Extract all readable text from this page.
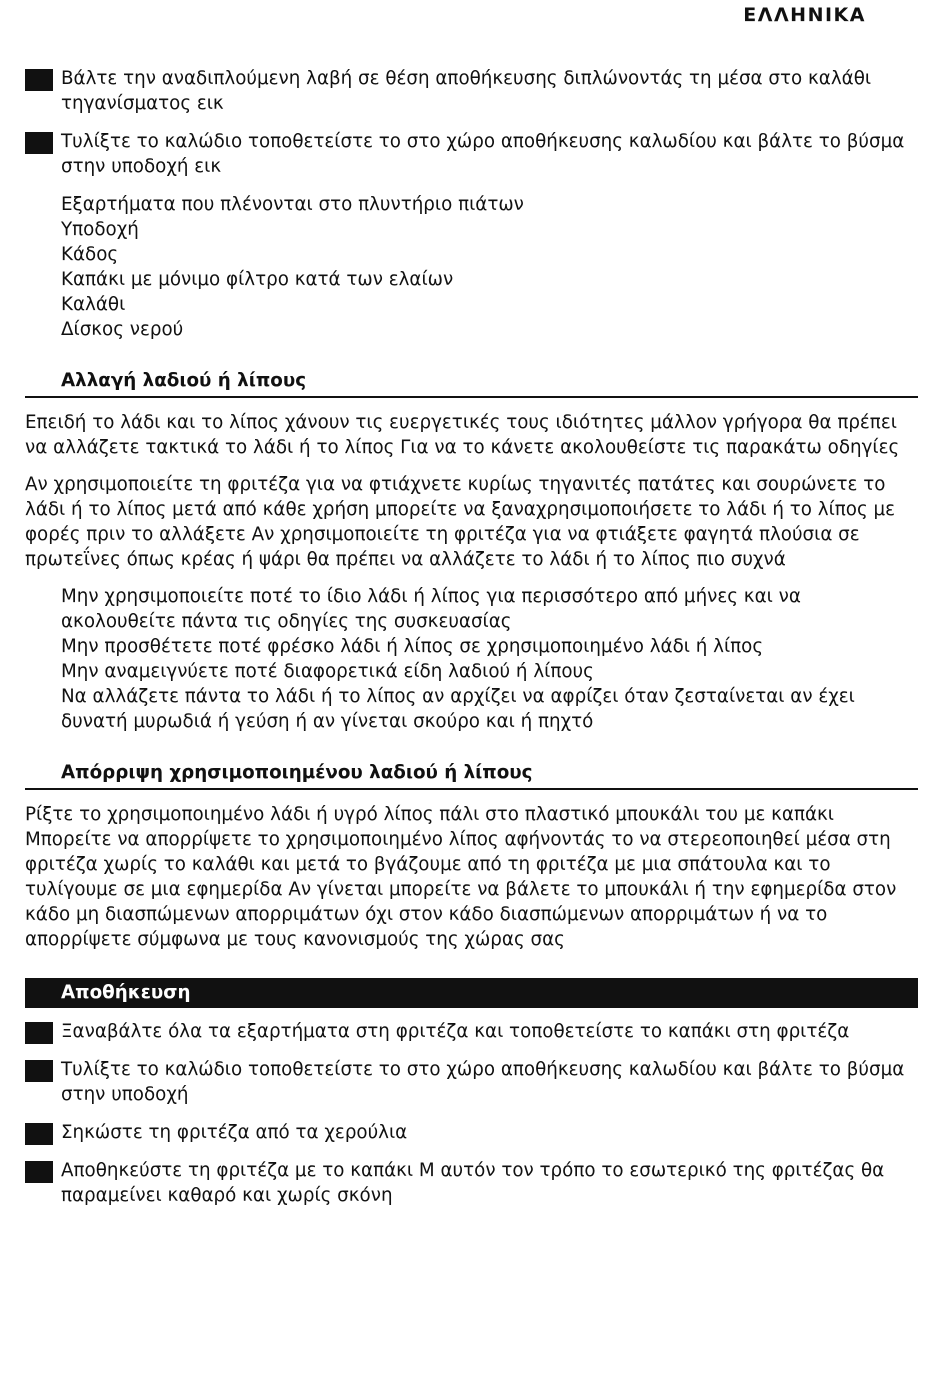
ΕΛΛΗΝΙΚΑ
Βάλτε την αναδιπλούμενη λαβή σε θέση αποθήκευσης διπλώνοντάς τη μέσα στο καλάθι τηγανίσματος εικ
Τυλίξτε το καλώδιο τοποθετείστε το στο χώρο αποθήκευσης καλωδίου και βάλτε το βύσμα στην υποδοχή εικ
Εξαρτήματα που πλένονται στο πλυντήριο πιάτων
Υποδοχή
Κάδος
Καπάκι με μόνιμο φίλτρο κατά των ελαίων
Καλάθι
Δίσκος νερού
Αλλαγή λαδιού ή λίπους

Επειδή το λάδι και το λίπος χάνουν τις ευεργετικές τους ιδιότητες μάλλον γρήγορα θα πρέπει να αλλάζετε τακτικά το λάδι ή το λίπος Για να το κάνετε ακολουθείστε τις παρακάτω οδηγίες

Αν χρησιμοποιείτε τη φριτέζα για να φτιάχνετε κυρίως τηγανιτές πατάτες και σουρώνετε το λάδι ή το λίπος μετά από κάθε χρήση μπορείτε να ξαναχρησιμοποιήσετε το λάδι ή το λίπος με φορές πριν το αλλάξετε Αν χρησιμοποιείτε τη φριτέζα για να φτιάξετε φαγητά πλούσια σε πρωτεΐνες όπως κρέας ή ψάρι θα πρέπει να αλλάζετε το λάδι ή το λίπος πιο συχνά

Μην χρησιμοποιείτε ποτέ το ίδιο λάδι ή λίπος για περισσότερο από μήνες και να ακολουθείτε πάντα τις οδηγίες της συσκευασίας
Μην προσθέτετε ποτέ φρέσκο λάδι ή λίπος σε χρησιμοποιημένο λάδι ή λίπος
Μην αναμειγνύετε ποτέ διαφορετικά είδη λαδιού ή λίπους
Να αλλάζετε πάντα το λάδι ή το λίπος αν αρχίζει να αφρίζει όταν ζεσταίνεται αν έχει δυνατή μυρωδιά ή γεύση ή αν γίνεται σκούρο και ή πηχτό
Απόρριψη χρησιμοποιημένου λαδιού ή λίπους

Ρίξτε το χρησιμοποιημένο λάδι ή υγρό λίπος πάλι στο πλαστικό μπουκάλι του με καπάκι Μπορείτε να απορρίψετε το χρησιμοποιημένο λίπος αφήνοντάς το να στερεοποιηθεί μέσα στη φριτέζα χωρίς το καλάθι και μετά το βγάζουμε από τη φριτέζα με μια σπάτουλα και το τυλίγουμε σε μια εφημερίδα Αν γίνεται μπορείτε να βάλετε το μπουκάλι ή την εφημερίδα στον κάδο μη διασπώμενων απορριμάτων όχι στον κάδο διασπώμενων απορριμάτων ή να το απορρίψετε σύμφωνα με τους κανονισμούς της χώρας σας

Αποθήκευση
Ξαναβάλτε όλα τα εξαρτήματα στη φριτέζα και τοποθετείστε το καπάκι στη φριτέζα
Τυλίξτε το καλώδιο τοποθετείστε το στο χώρο αποθήκευσης καλωδίου και βάλτε το βύσμα στην υποδοχή
Σηκώστε τη φριτέζα από τα χερούλια
Αποθηκεύστε τη φριτέζα με το καπάκι Μ αυτόν τον τρόπο το εσωτερικό της φριτέζας θα παραμείνει καθαρό και χωρίς σκόνη
